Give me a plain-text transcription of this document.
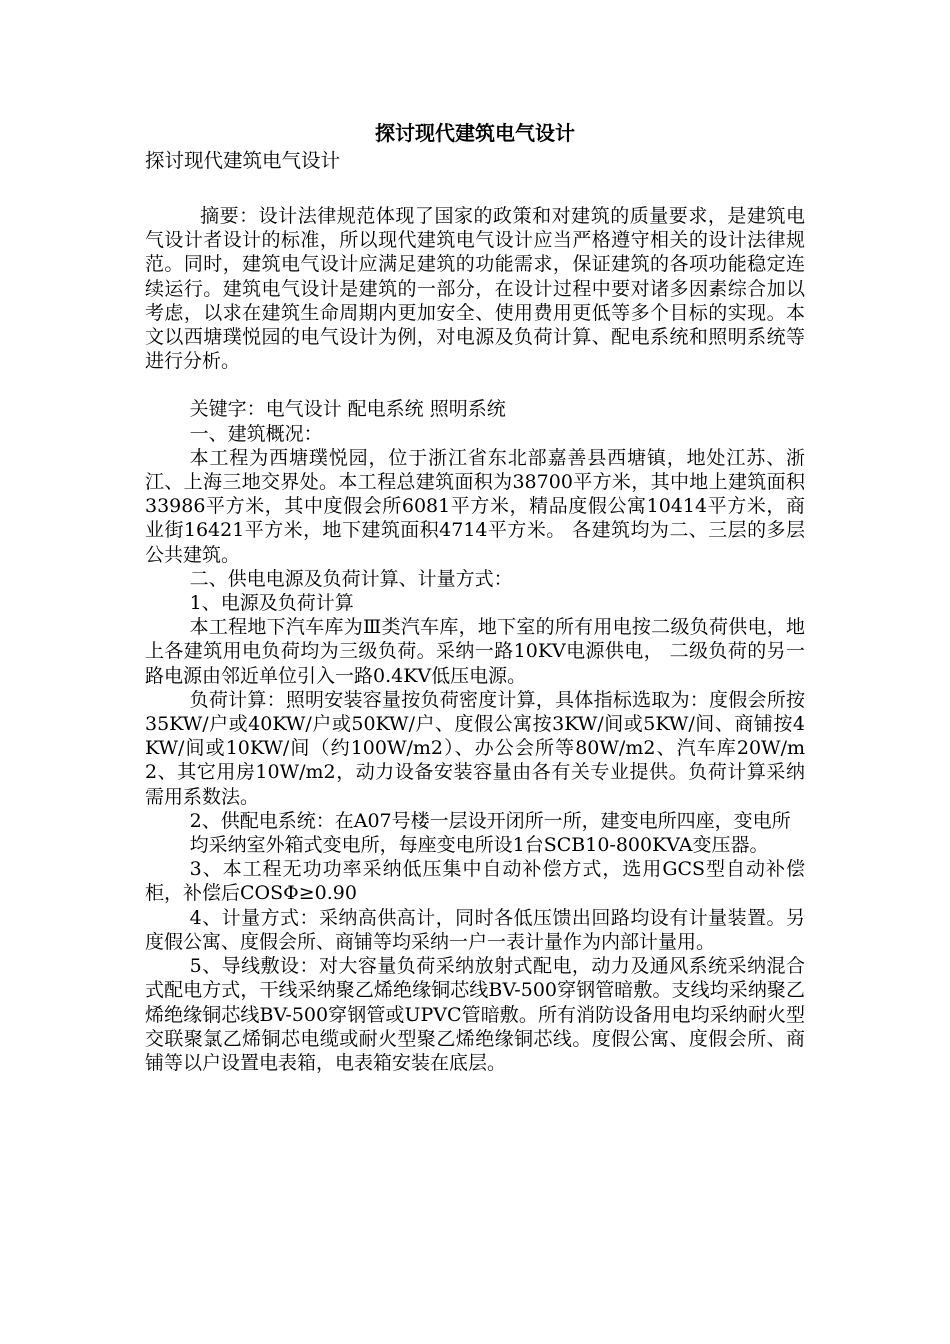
探讨现代建筑电气设计

探讨现代建筑电气设计

摘要：设计法律规范体现了国家的政策和对建筑的质量要求，是建筑电气设计者设计的标准，所以现代建筑电气设计应当严格遵守相关的设计法律规范。同时，建筑电气设计应满足建筑的功能需求，保证建筑的各项功能稳定连续运行。建筑电气设计是建筑的一部分，在设计过程中要对诸多因素综合加以考虑，以求在建筑生命周期内更加安全、使用费用更低等多个目标的实现。本文以西塘璞悦园的电气设计为例，对电源及负荷计算、配电系统和照明系统等进行分析。

关键字：电气设计 配电系统 照明系统

一、建筑概况：

本工程为西塘璞悦园，位于浙江省东北部嘉善县西塘镇，地处江苏、浙江、上海三地交界处。本工程总建筑面积为38700平方米，其中地上建筑面积33986平方米，其中度假会所6081平方米，精品度假公寓10414平方米，商业街16421平方米，地下建筑面积4714平方米。 各建筑均为二、三层的多层公共建筑。

二、供电电源及负荷计算、计量方式：

1、电源及负荷计算

本工程地下汽车库为Ⅲ类汽车库，地下室的所有用电按二级负荷供电，地上各建筑用电负荷均为三级负荷。采纳一路10KV电源供电， 二级负荷的另一路电源由邻近单位引入一路0.4KV低压电源。

负荷计算：照明安装容量按负荷密度计算，具体指标选取为：度假会所按35KW/户或40KW/户或50KW/户、度假公寓按3KW/间或5KW/间、商铺按4KW/间或10KW/间（约100W/m2）、办公会所等80W/m2、汽车库20W/m2、其它用房10W/m2，动力设备安装容量由各有关专业提供。负荷计算采纳需用系数法。

2、供配电系统：在A07号楼一层设开闭所一所，建变电所四座，变电所

均采纳室外箱式变电所，每座变电所设1台SCB10-800KVA变压器。

3、本工程无功功率采纳低压集中自动补偿方式，选用GCS型自动补偿柜，补偿后COSΦ≥0.90

4、计量方式：采纳高供高计，同时各低压馈出回路均设有计量装置。另度假公寓、度假会所、商铺等均采纳一户一表计量作为内部计量用。

5、导线敷设：对大容量负荷采纳放射式配电，动力及通风系统采纳混合式配电方式，干线采纳聚乙烯绝缘铜芯线BV-500穿钢管暗敷。支线均采纳聚乙烯绝缘铜芯线BV-500穿钢管或UPVC管暗敷。所有消防设备用电均采纳耐火型交联聚氯乙烯铜芯电缆或耐火型聚乙烯绝缘铜芯线。度假公寓、度假会所、商铺等以户设置电表箱，电表箱安装在底层。
